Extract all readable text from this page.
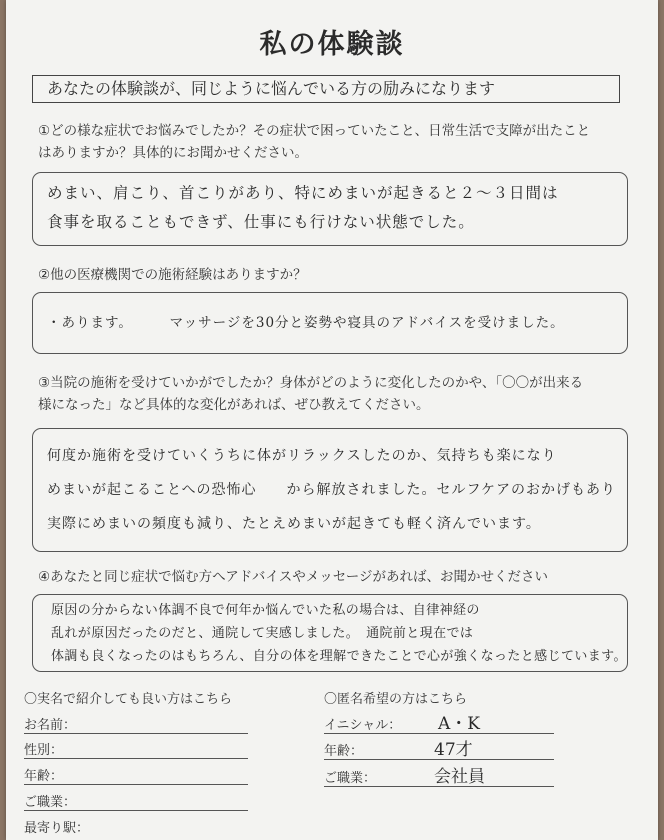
私の体験談
あなたの体験談が、同じように悩んでいる方の励みになります
①どの様な症状でお悩みでしたか？その症状で困っていたこと、日常生活で支障が出たこと
はありますか？具体的にお聞かせください。
めまい、肩こり、首こりがあり、特にめまいが起きると２～３日間は
食事を取ることもできず、仕事にも行けない状態でした。
②他の医療機関での施術経験はありますか？
・あります。　　　マッサージを30分と姿勢や寝具のアドバイスを受けました。
③当院の施術を受けていかがでしたか？身体がどのように変化したのかや、「〇〇が出来る
様になった」など具体的な変化があれば、ぜひ教えてください。
何度か施術を受けていくうちに体がリラックスしたのか、気持ちも楽になり
めまいが起こることへの恐怖心　　から解放されました。セルフケアのおかげもあり
実際にめまいの頻度も減り、たとえめまいが起きても軽く済んでいます。
④あなたと同じ症状で悩む方へアドバイスやメッセージがあれば、お聞かせください
原因の分からない体調不良で何年か悩んでいた私の場合は、自律神経の
乱れが原因だったのだと、通院して実感しました。　通院前と現在では
体調も良くなったのはもちろん、自分の体を理解できたことで心が強くなったと感じています。
〇実名で紹介しても良い方はこちら
お名前：
性別：
年齢：
ご職業：
最寄り駅：
〇匿名希望の方はこちら
イニシャル： A・K
年齢：	47才
ご職業：	会社員
